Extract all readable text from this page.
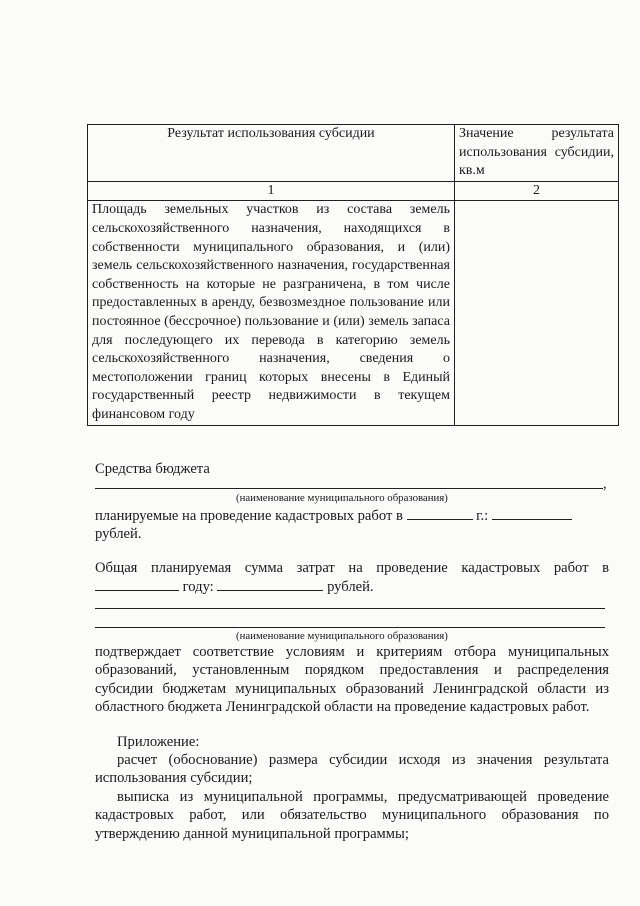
Результат использования субсидии	Значение результата использования субсидии, кв.м
1	2
Площадь земельных участков из состава земель сельскохозяйственного назначения, находящихся в собственности муниципального образования, и (или) земель сельскохозяйственного назначения, государственная собственность на которые не разграничена, в том числе предоставленных в аренду, безвозмездное пользование или постоянное (бессрочное) пользование и (или) земель запаса для последующего их перевода в категорию земель сельскохозяйственного назначения, сведения о местоположении границ которых внесены в Единый государственный реестр недвижимости в текущем финансовом году	
Средства бюджета
,
(наименование муниципального образования)
планируемые на проведение кадастровых работ в	г.:
рублей.
Общая планируемая сумма затрат на проведение кадастровых работ в
году:	рублей.
(наименование муниципального образования)
подтверждает соответствие условиям и критериям отбора муниципальных образований, установленным порядком предоставления и распределения субсидии бюджетам муниципальных образований Ленинградской области из областного бюджета Ленинградской области на проведение кадастровых работ.
Приложение:
расчет (обоснование) размера субсидии исходя из значения результата использования субсидии;
выписка из муниципальной программы, предусматривающей проведение кадастровых работ, или обязательство муниципального образования по утверждению данной муниципальной программы;
